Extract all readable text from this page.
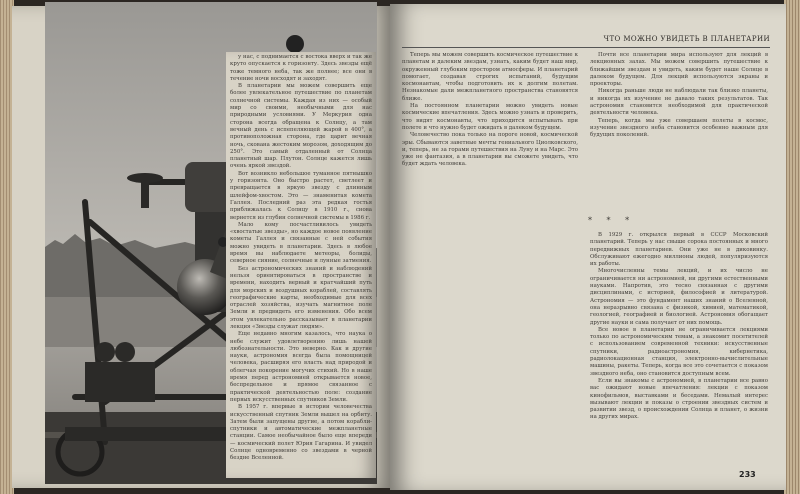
ЧТО МОЖНО УВИДЕТЬ В ПЛАНЕТАРИИ

Теперь мы можем совершить космическое путешествие к планетам и далеким звездам, узнать, каким будет наш мир, окруженный глубоким простором атмосферы. И планетарий помогает, создавая строгих испытаний, будущим космонавтам, чтобы подготовить их к долгим полетам. Незнакомые дали межпланетного пространства становятся ближе.

На постоянном планетарии можно увидеть новые космические впечатления. Здесь можно узнать и проверить, что видят космонавты, что приходится испытывать при полете и что нужно будет ожидать в далеком будущем.

Человечество пока только на пороге новой, космической эры. Сбываются заветные мечты гениального Циолковского, и, теперь, не за горами путешествия на Луну и на Марс. Это уже не фантазия, а в планетарии вы сможете увидеть, что будет ждать человека.

Почти все планетарии мира используют для лекций в лекционных залах. Мы можем совершить путешествие к ближайшим звездам и увидеть, каким будет наше Солнце в далеком будущем. Для лекций используются экраны и проекторы.

Никогда раньше люди не наблюдали так близко планеты, и никогда их изучение не давало таких результатов. Так астрономия становится необходимой для практической деятельности человека.

Теперь, когда мы уже совершаем полеты в космос, изучение звездного неба становится особенно важным для будущих поколений.

* * *

В 1929 г. открылся первый в СССР Московский планетарий. Теперь у нас свыше сорока постоянных и много передвижных планетариев. Они уже не в диковинку. Обслуживают ежегодно миллионы людей, популяризуются их работы.

Многочисленны темы лекций, и их число не ограничивается ни астрономией, ни другими естественными науками. Напротив, это тесно связанная с другими дисциплинами, с историей, философией и литературой. Астрономия — это фундамент наших знаний о Вселенной, она неразрывно связана с физикой, химией, математикой, геологией, географией и биологией. Астрономия обогащает другие науки и сама получает от них помощь.

Все новое в планетарии не ограничивается лекциями только по астрономическим темам, а знакомит посетителей с использованием современной техники: искусственные спутники, радиоастрономия, кибернетика, радиолокационная станция, электронно-вычислительные машины, ракеты. Теперь, когда все это сочетается с показом звездного неба, оно становится доступным всем.

Если вы знакомы с астрономией, в планетарии все равно вас ожидают новые впечатления: лекции с показом кинофильмов, выставками и беседами. Немалый интерес вызывают лекции и показы о строении звездных систем и развитии звезд, о происхождении Солнца и планет, о жизни на других мирах.

233

у нас, с поднимается с востока вверх и так же круто опускается к горизонту. Здесь звезды ещё тоже темного неба, так же полнее; все они в течение ночи восходят и заходят.

В планетарии мы можем совершить еще более увлекательное путешествие по планетам солнечной системы. Каждая из них — особый мир со своими, необычными для нас природными условиями. У Меркурия одна сторона всегда обращена к Солнцу, а там вечный день с испепеляющей жарой в 400°, а противоположная сторона, где царит вечная ночь, скована жестоким морозом, доходящим до 250°. Это самый отдаленный от Солнца планетный шар. Плутон. Солнце кажется лишь очень яркой звездой.

Вот возникло небольшое туманное пятнышко у горизонта. Оно быстро растет, светлеет и превращается в яркую звезду с длинным шлейфом-хвостом. Это — знаменитая комета Галлея. Последний раз эта редкая гостья приближалась к Солнцу в 1910 г., снова вернется из глубин солнечной системы в 1986 г.

Мало кому посчастливилось увидеть «хвостатые звезды», но каждое новое появление кометы Галлея и связанные с ней события можно увидеть в планетарии. Здесь в любое время вы наблюдаете метеоры, болиды, северное сияние, солнечные и лунные затмения.

Без астрономических знаний и наблюдений нельзя ориентироваться в пространстве и времени, находить верный и кратчайший путь для морских и воздушных кораблей, составлять географические карты, необходимые для всех отраслей хозяйства, изучать магнитное поле Земли и предвидеть его изменения. Обо всем этом увлекательно рассказывает в планетарии лекция «Звезды служат людям».

Еще недавно многим казалось, что наука о небе служит удовлетворению лишь нашей любознательности. Это неверно. Как и другие науки, астрономия всегда была помощницей человека, расширяя его власть над природой и облегчая покорение могучих стихий. Но в наше время перед астрономией открывается новое, беспредельное и прямое связанное с практической деятельностью поле: создание первых искусственных спутников Земли.

В 1957 г. впервые в истории человечества искусственный спутник Земли вышел на орбиту. Затем были запущены другие, а потом корабли-спутники и автоматические межпланетные станции. Самое необычайное было еще впереди — космический полет Юрия Гагарина. И увидел Солнце одновременно со звездами в черной бездне Вселенной.
